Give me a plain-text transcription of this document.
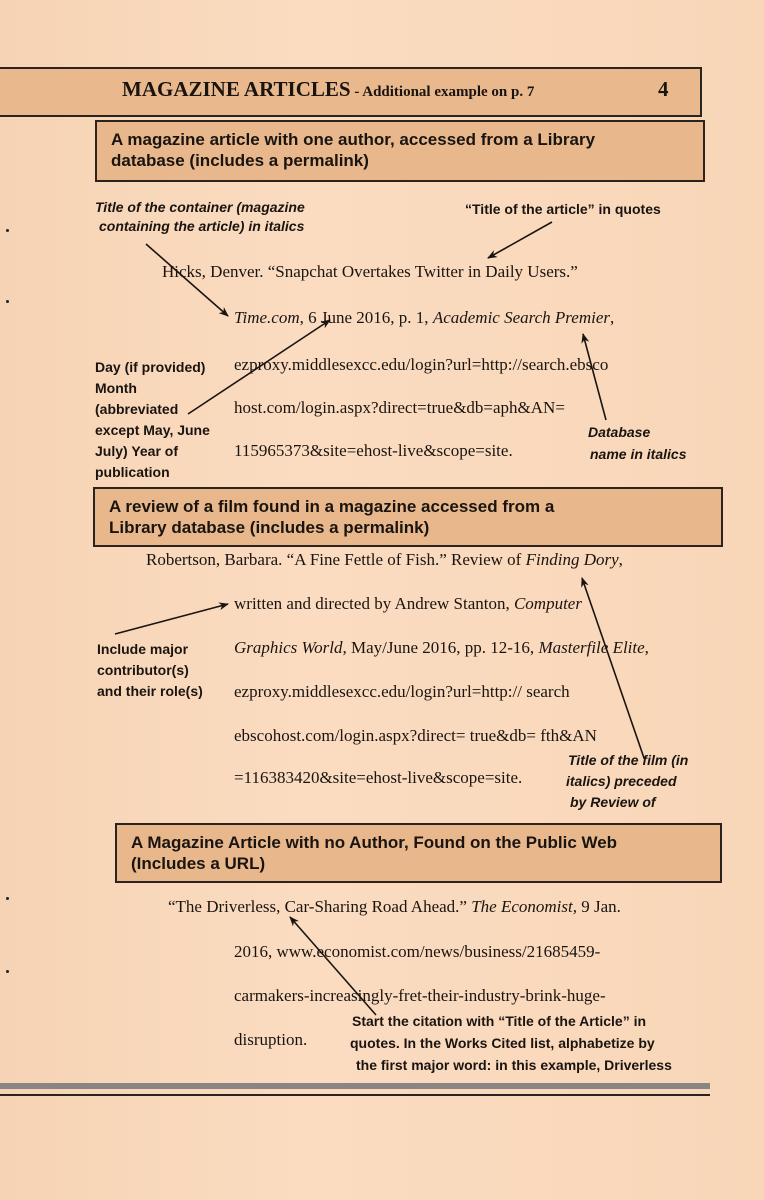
MAGAZINE ARTICLES - Additional example on p. 7	4
A magazine article with one author, accessed from a Library
database (includes a permalink)
Title of the container (magazine
containing the article) in italics
“Title of the article” in quotes
Hicks, Denver. “Snapchat Overtakes Twitter in Daily Users.”
Time.com, 6 June 2016, p. 1, Academic Search Premier,
ezproxy.middlesexcc.edu/login?url=http://search.ebsco
host.com/login.aspx?direct=true&db=aph&AN=
115965373&site=ehost-live&scope=site.
Day (if provided)
Month
(abbreviated
except May, June
July) Year of
publication
Database
name in italics
A review of a film found in a magazine accessed from a
Library database (includes a permalink)
Robertson, Barbara. “A Fine Fettle of Fish.” Review of Finding Dory,
written and directed by Andrew Stanton, Computer
Graphics World, May/June 2016, pp. 12-16, Masterfile Elite,
ezproxy.middlesexcc.edu/login?url=http:// search
ebscohost.com/login.aspx?direct= true&db= fth&AN
=116383420&site=ehost-live&scope=site.
Include major
contributor(s)
and their role(s)
Title of the film (in
italics) preceded
by Review of
A Magazine Article with no Author, Found on the Public Web
(Includes a URL)
“The Driverless, Car-Sharing Road Ahead.” The Economist, 9 Jan.
2016, www.economist.com/news/business/21685459-
carmakers-increasingly-fret-their-industry-brink-huge-
disruption.
Start the citation with “Title of the Article” in
quotes. In the Works Cited list, alphabetize by
the first major word: in this example, Driverless
